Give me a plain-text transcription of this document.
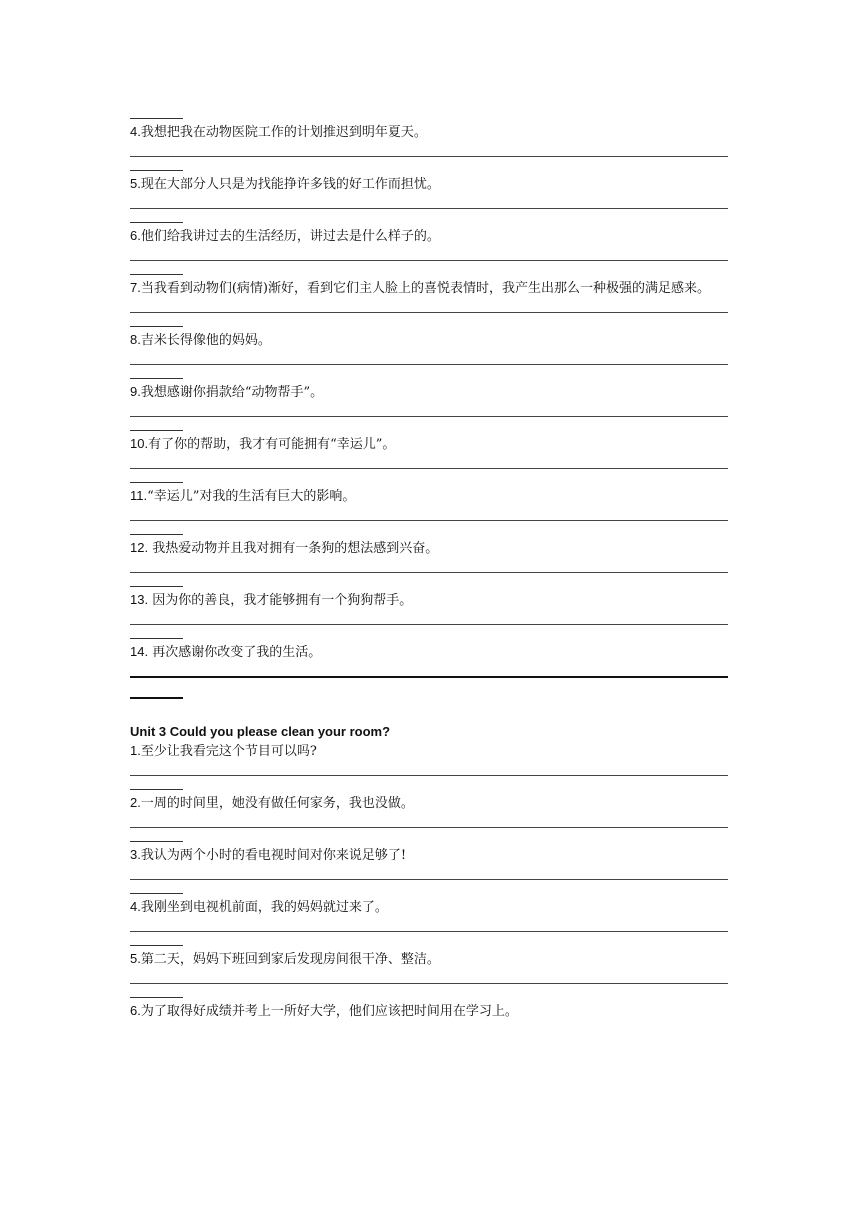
4.我想把我在动物医院工作的计划推迟到明年夏天。
5.现在大部分人只是为找能挣许多钱的好工作而担忧。
6.他们给我讲过去的生活经历，讲过去是什么样子的。
7.当我看到动物们(病情)渐好，看到它们主人脸上的喜悦表情时，我产生出那么一种极强的满足感来。
8.吉米长得像他的妈妈。
9.我想感谢你捐款给“动物帮手”。
10.有了你的帮助，我才有可能拥有“幸运儿”。
11.“幸运儿”对我的生活有巨大的影响。
12. 我热爱动物并且我对拥有一条狗的想法感到兴奋。
13. 因为你的善良，我才能够拥有一个狗狗帮手。
14. 再次感谢你改变了我的生活。
Unit 3 Could you please clean your room?
1.至少让我看完这个节目可以吗?
2.一周的时间里，她没有做任何家务，我也没做。
3.我认为两个小时的看电视时间对你来说足够了!
4.我刚坐到电视机前面，我的妈妈就过来了。
5.第二天，妈妈下班回到家后发现房间很干净、整洁。
6.为了取得好成绩并考上一所好大学，他们应该把时间用在学习上。
